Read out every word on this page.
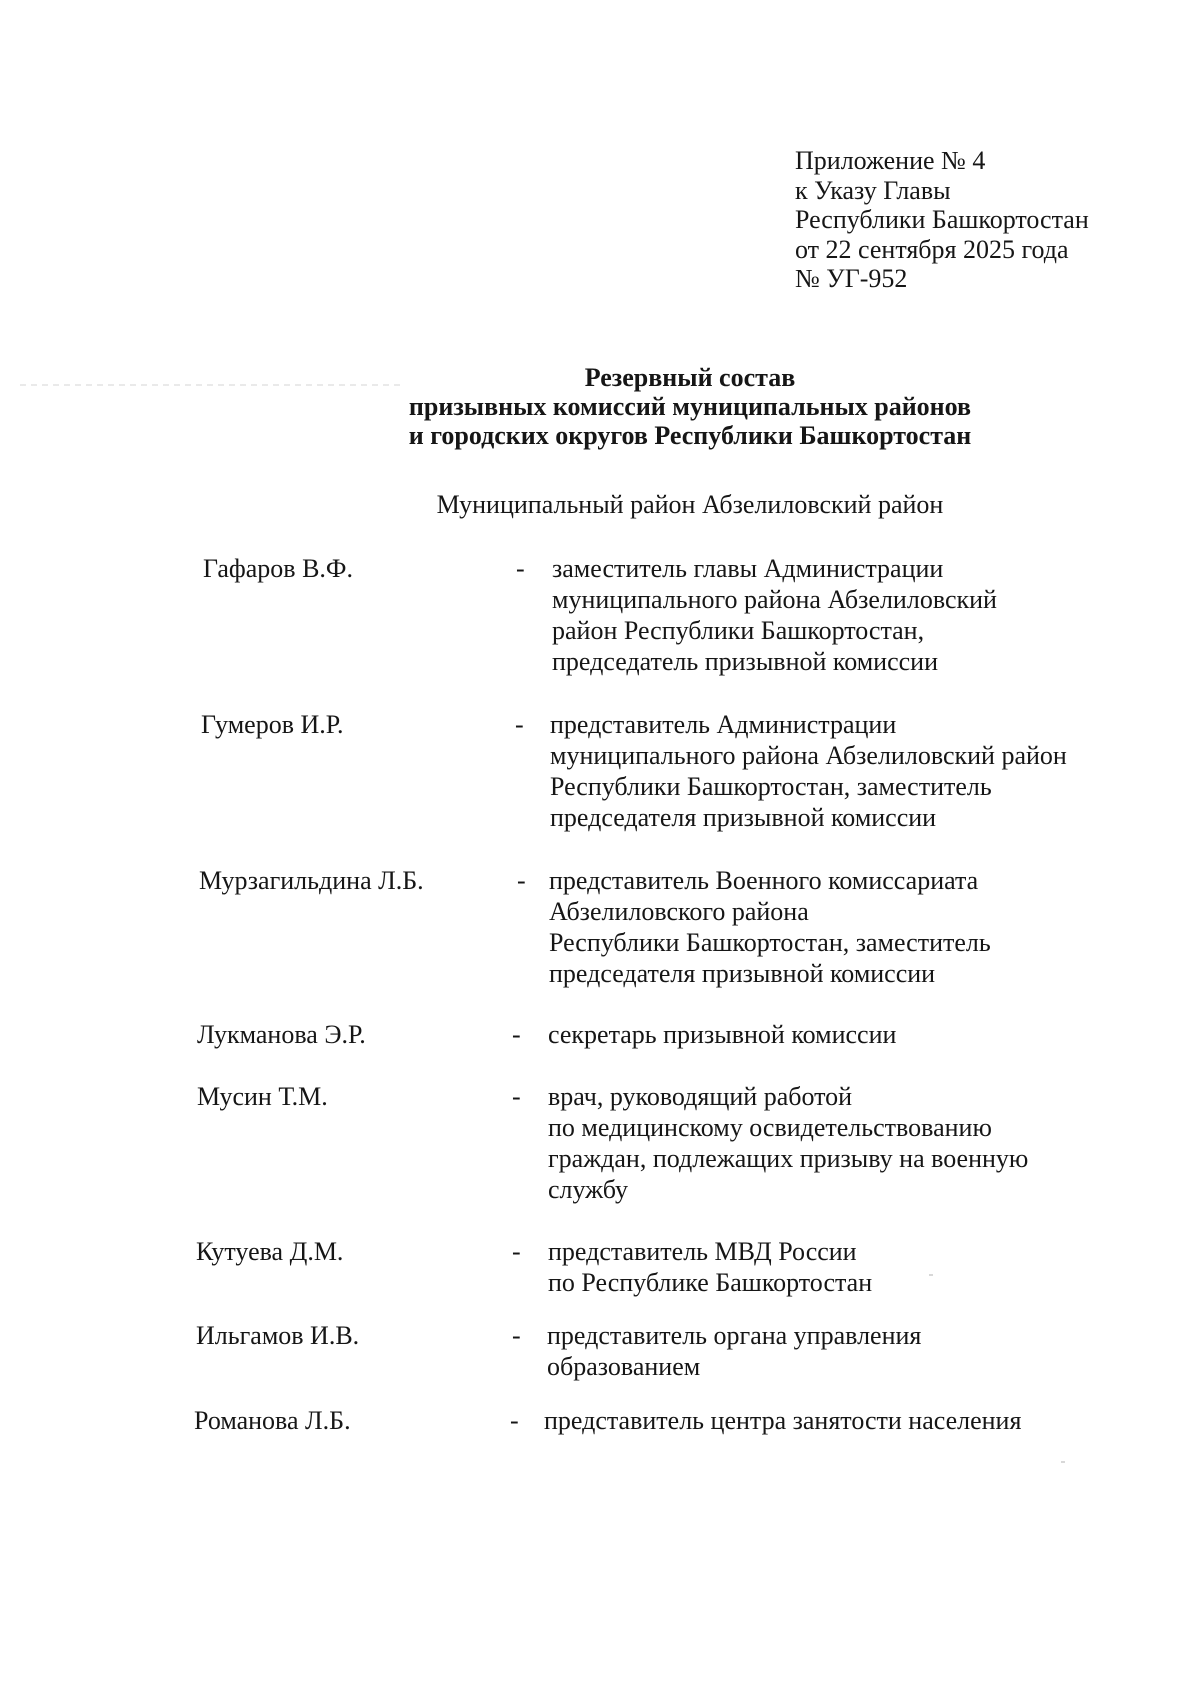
Приложение № 4
к Указу Главы
Республики Башкортостан
от 22 сентября 2025 года
№ УГ-952
Резервный состав
призывных комиссий муниципальных районов
и городских округов Республики Башкортостан
Муниципальный район Абзелиловский район
Гафаров В.Ф.	- заместитель главы Администрации
муниципального района Абзелиловский
район Республики Башкортостан,
председатель призывной комиссии
Гумеров И.Р.	- представитель Администрации
муниципального района Абзелиловский район
Республики Башкортостан, заместитель
председателя призывной комиссии
Мурзагильдина Л.Б.	- представитель Военного комиссариата
Абзелиловского района
Республики Башкортостан, заместитель
председателя призывной комиссии
Лукманова Э.Р.	- секретарь призывной комиссии
Мусин Т.М.	- врач, руководящий работой
по медицинскому освидетельствованию
граждан, подлежащих призыву на военную
службу
Кутуева Д.М.	- представитель МВД России
по Республике Башкортостан
Ильгамов И.В.	- представитель органа управления
образованием
Романова Л.Б.	- представитель центра занятости населения
